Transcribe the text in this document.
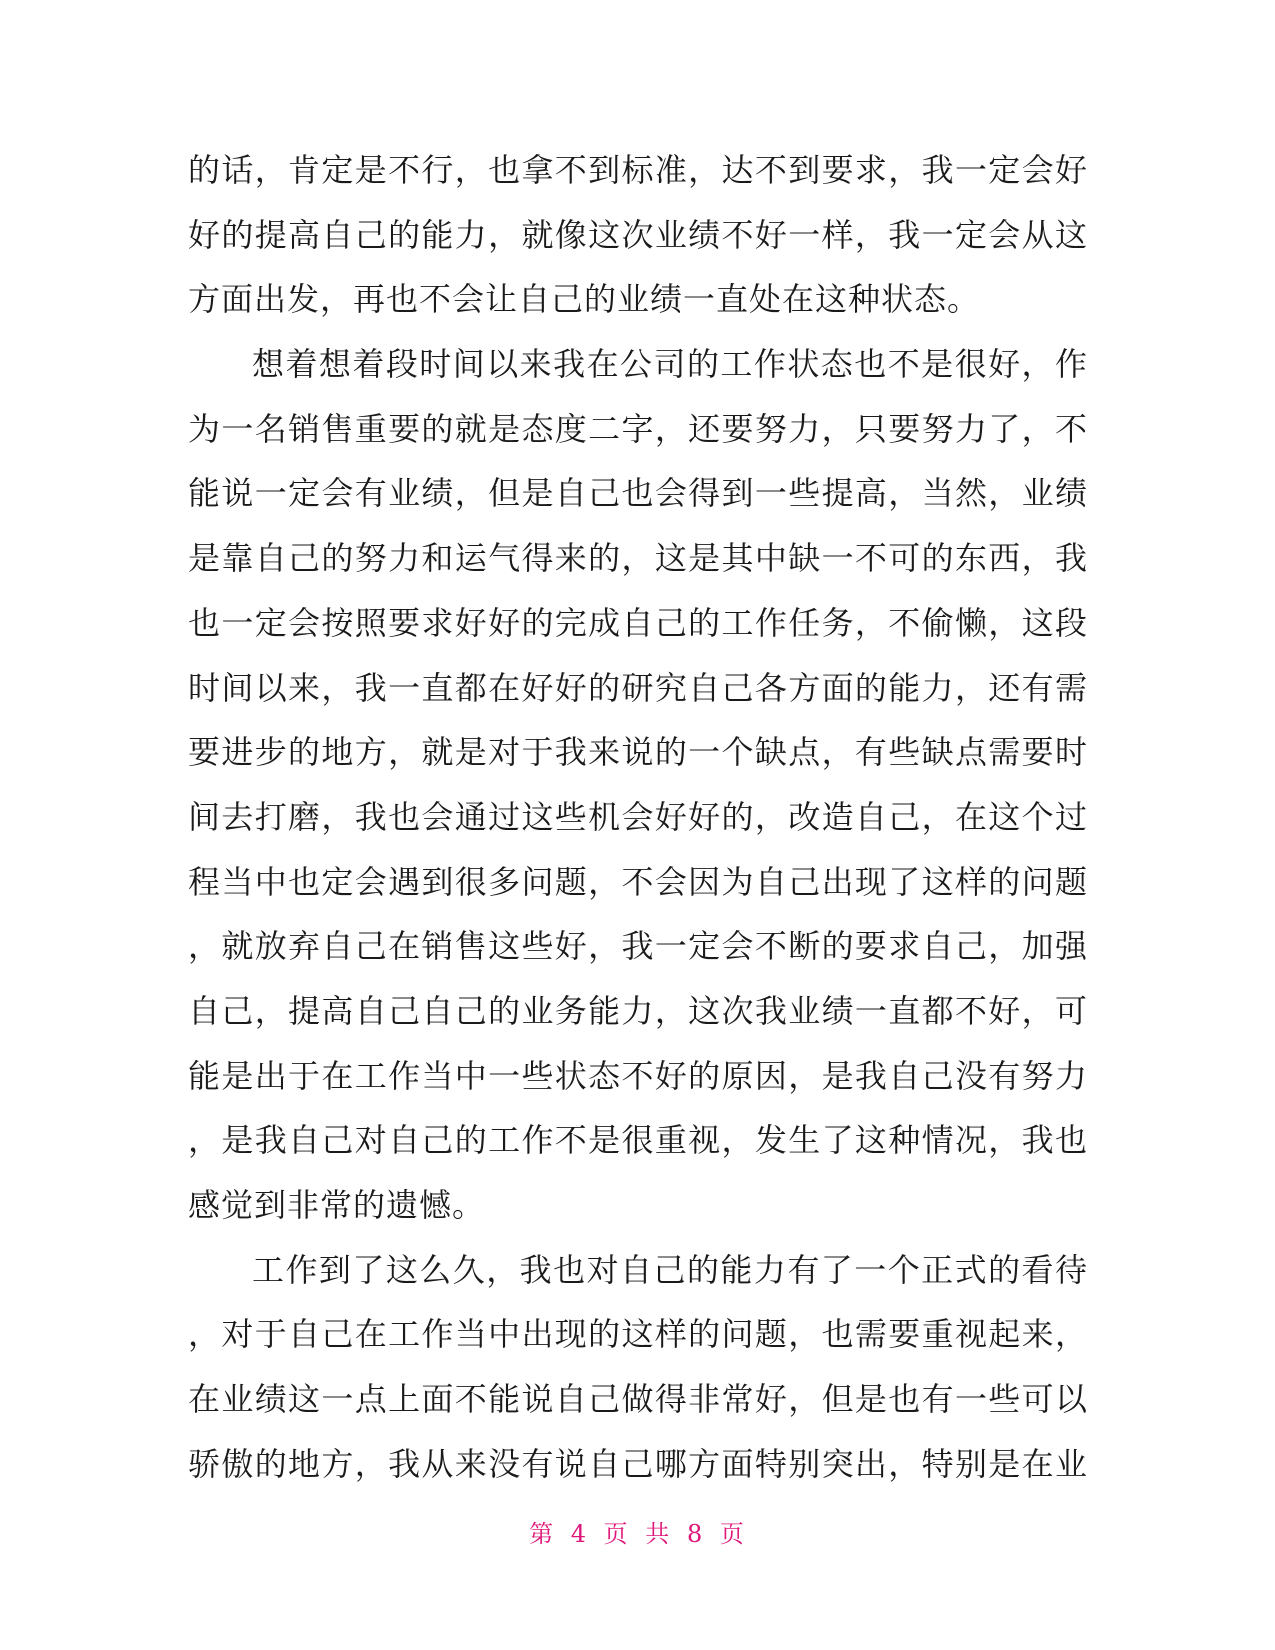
的话，肯定是不行，也拿不到标准，达不到要求，我一定会好
好的提高自己的能力，就像这次业绩不好一样，我一定会从这
方面出发，再也不会让自己的业绩一直处在这种状态。
想着想着段时间以来我在公司的工作状态也不是很好，作
为一名销售重要的就是态度二字，还要努力，只要努力了，不
能说一定会有业绩，但是自己也会得到一些提高，当然，业绩
是靠自己的努力和运气得来的，这是其中缺一不可的东西，我
也一定会按照要求好好的完成自己的工作任务，不偷懒，这段
时间以来，我一直都在好好的研究自己各方面的能力，还有需
要进步的地方，就是对于我来说的一个缺点，有些缺点需要时
间去打磨，我也会通过这些机会好好的，改造自己，在这个过
程当中也定会遇到很多问题，不会因为自己出现了这样的问题
，就放弃自己在销售这些好，我一定会不断的要求自己，加强
自己，提高自己自己的业务能力，这次我业绩一直都不好，可
能是出于在工作当中一些状态不好的原因，是我自己没有努力
，是我自己对自己的工作不是很重视，发生了这种情况，我也
感觉到非常的遗憾。
工作到了这么久，我也对自己的能力有了一个正式的看待
，对于自己在工作当中出现的这样的问题，也需要重视起来，
在业绩这一点上面不能说自己做得非常好，但是也有一些可以
骄傲的地方，我从来没有说自己哪方面特别突出，特别是在业
第 4 页 共 8 页
